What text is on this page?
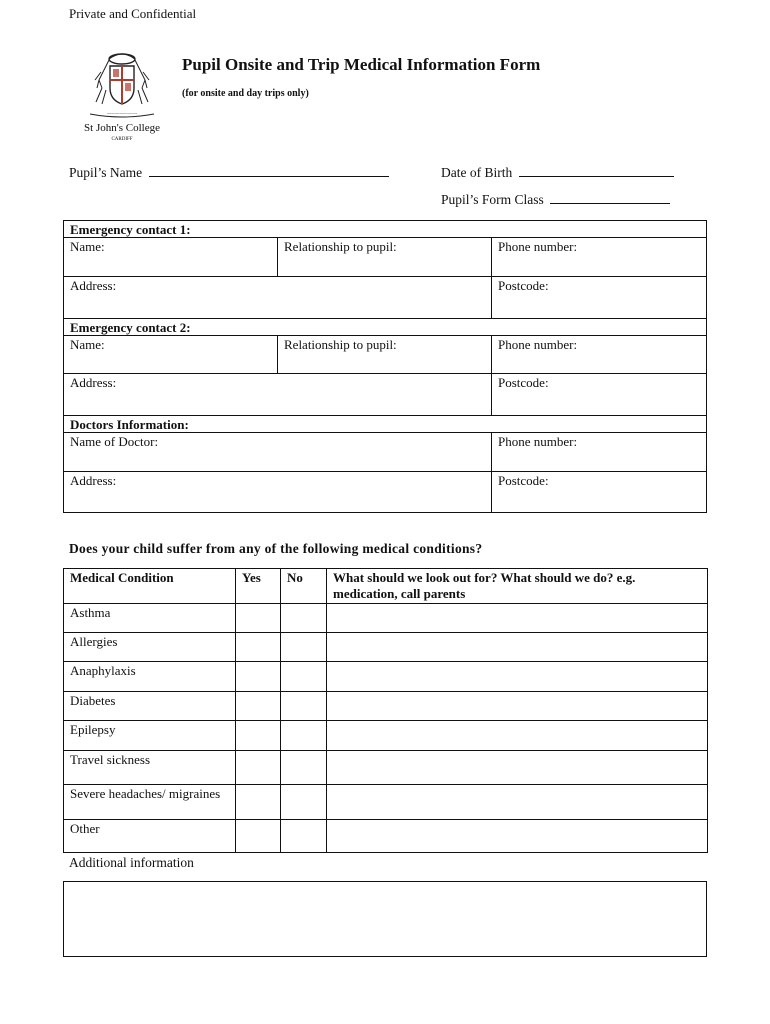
Private and Confidential
~~~~~~~~~~~~~~
St John's College
CARDIFF
Pupil Onsite and Trip Medical Information Form
(for onsite and day trips only)
Pupil’s Name	Date of Birth
Pupil’s Form Class
Emergency contact 1:
Name:	Relationship to pupil:	Phone number:
Address:	Postcode:
Emergency contact 2:
Name:	Relationship to pupil:	Phone number:
Address:	Postcode:
Doctors Information:
Name of Doctor:	Phone number:
Address:	Postcode:
Does your child suffer from any of the following medical conditions?
Medical Condition	Yes	No	What should we look out for? What should we do? e.g. medication, call parents
Asthma			
Allergies			
Anaphylaxis			
Diabetes			
Epilepsy			
Travel sickness			
Severe headaches/ migraines			
Other			
Additional information
